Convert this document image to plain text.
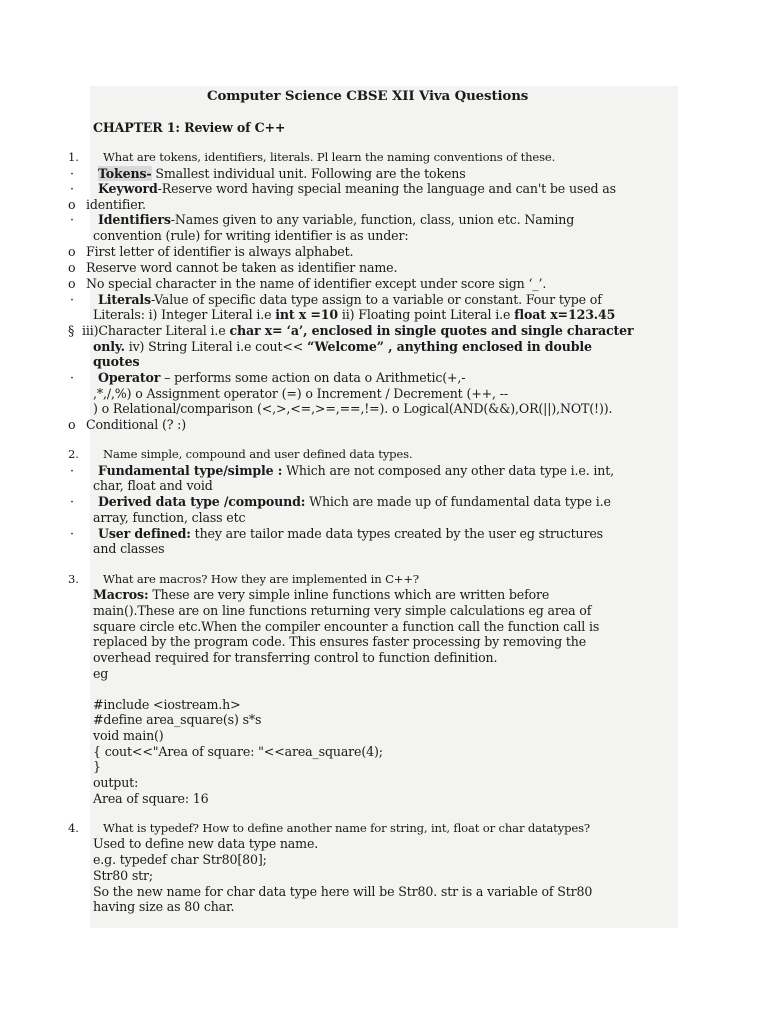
Computer Science CBSE XII Viva Questions
CHAPTER 1: Review of C++
1. What are tokens, identifiers, literals. Pl learn the naming conventions of these.
· Tokens- Smallest individual unit. Following are the tokens
· Keyword-Reserve word having special meaning the language and can't be used as
o identifier.
· Identifiers-Names given to any variable, function, class, union etc. Naming
convention (rule) for writing identifier is as under:
o First letter of identifier is always alphabet.
o Reserve word cannot be taken as identifier name.
o No special character in the name of identifier except under score sign ‘_’.
· Literals-Value of specific data type assign to a variable or constant. Four type of
Literals: i) Integer Literal i.e int x =10 ii) Floating point Literal i.e float x=123.45
§ iii)Character Literal i.e char x= ‘a’, enclosed in single quotes and single character
only. iv) String Literal i.e cout<< “Welcome” , anything enclosed in double
quotes
· Operator – performs some action on data o Arithmetic(+,-
,*,/,%) o Assignment operator (=) o Increment / Decrement (++, --
) o Relational/comparison (<,>,<=,>=,==,!=). o Logical(AND(&&),OR(||),NOT(!)).
o Conditional (? :)
2. Name simple, compound and user defined data types.
· Fundamental type/simple : Which are not composed any other data type i.e. int,
char, float and void
· Derived data type /compound: Which are made up of fundamental data type i.e
array, function, class etc
· User defined: they are tailor made data types created by the user eg structures
and classes
3. What are macros? How they are implemented in C++?
Macros: These are very simple inline functions which are written before
main().These are on line functions returning very simple calculations eg area of
square circle etc.When the compiler encounter a function call the function call is
replaced by the program code. This ensures faster processing by removing the
overhead required for transferring control to function definition.
eg
#include <iostream.h>
#define area_square(s) s*s
void main()
{ cout<<"Area of square: "<<area_square(4);
}
output:
Area of square: 16
4. What is typedef? How to define another name for string, int, float or char datatypes?
Used to define new data type name.
e.g. typedef char Str80[80];
Str80 str;
So the new name for char data type here will be Str80. str is a variable of Str80
having size as 80 char.
